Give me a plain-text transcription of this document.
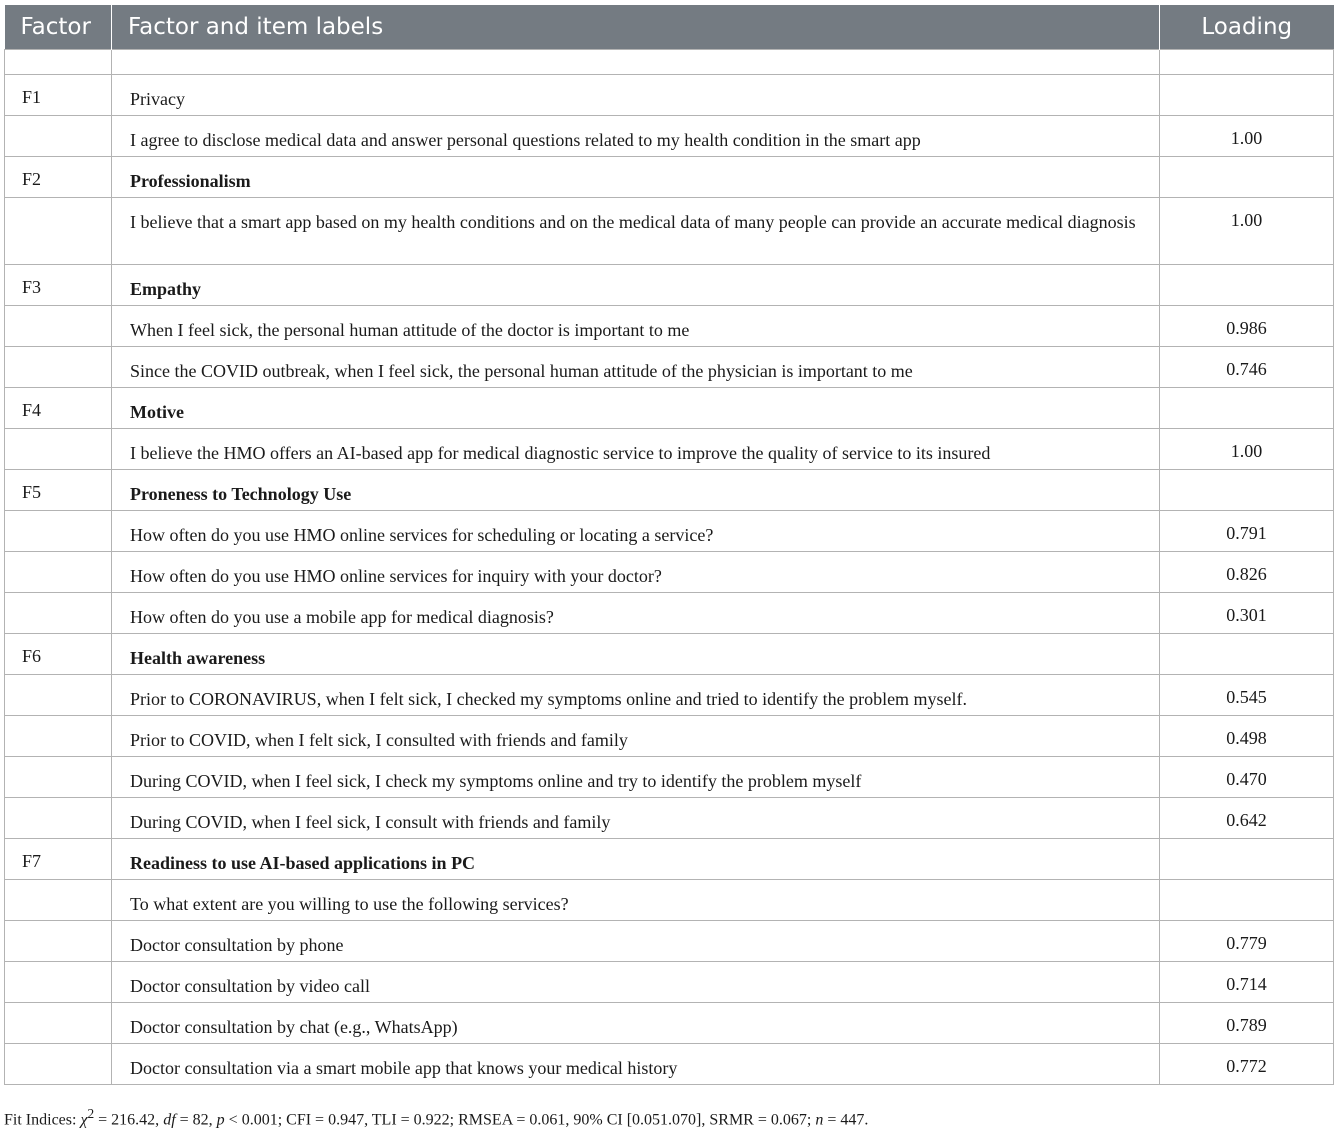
Factor	Factor and item labels	Loading

F1	Privacy	
	I agree to disclose medical data and answer personal questions related to my health condition in the smart app	1.00
F2	Professionalism	
	I believe that a smart app based on my health conditions and on the medical data of many people can provide an accurate medical diagnosis	1.00
F3	Empathy	
	When I feel sick, the personal human attitude of the doctor is important to me	0.986
	Since the COVID outbreak, when I feel sick, the personal human attitude of the physician is important to me	0.746
F4	Motive	
	I believe the HMO offers an AI-based app for medical diagnostic service to improve the quality of service to its insured	1.00
F5	Proneness to Technology Use	
	How often do you use HMO online services for scheduling or locating a service?	0.791
	How often do you use HMO online services for inquiry with your doctor?	0.826
	How often do you use a mobile app for medical diagnosis?	0.301
F6	Health awareness	
	Prior to CORONAVIRUS, when I felt sick, I checked my symptoms online and tried to identify the problem myself.	0.545
	Prior to COVID, when I felt sick, I consulted with friends and family	0.498
	During COVID, when I feel sick, I check my symptoms online and try to identify the problem myself	0.470
	During COVID, when I feel sick, I consult with friends and family	0.642
F7	Readiness to use AI-based applications in PC	
	To what extent are you willing to use the following services?	
	Doctor consultation by phone	0.779
	Doctor consultation by video call	0.714
	Doctor consultation by chat (e.g., WhatsApp)	0.789
	Doctor consultation via a smart mobile app that knows your medical history	0.772
Fit Indices: $\chi^2 = 216.42$, df = 82, p < 0.001; CFI = 0.947, TLI = 0.922; RMSEA = 0.061, 90% CI [0.051.070], SRMR = 0.067; n = 447.
